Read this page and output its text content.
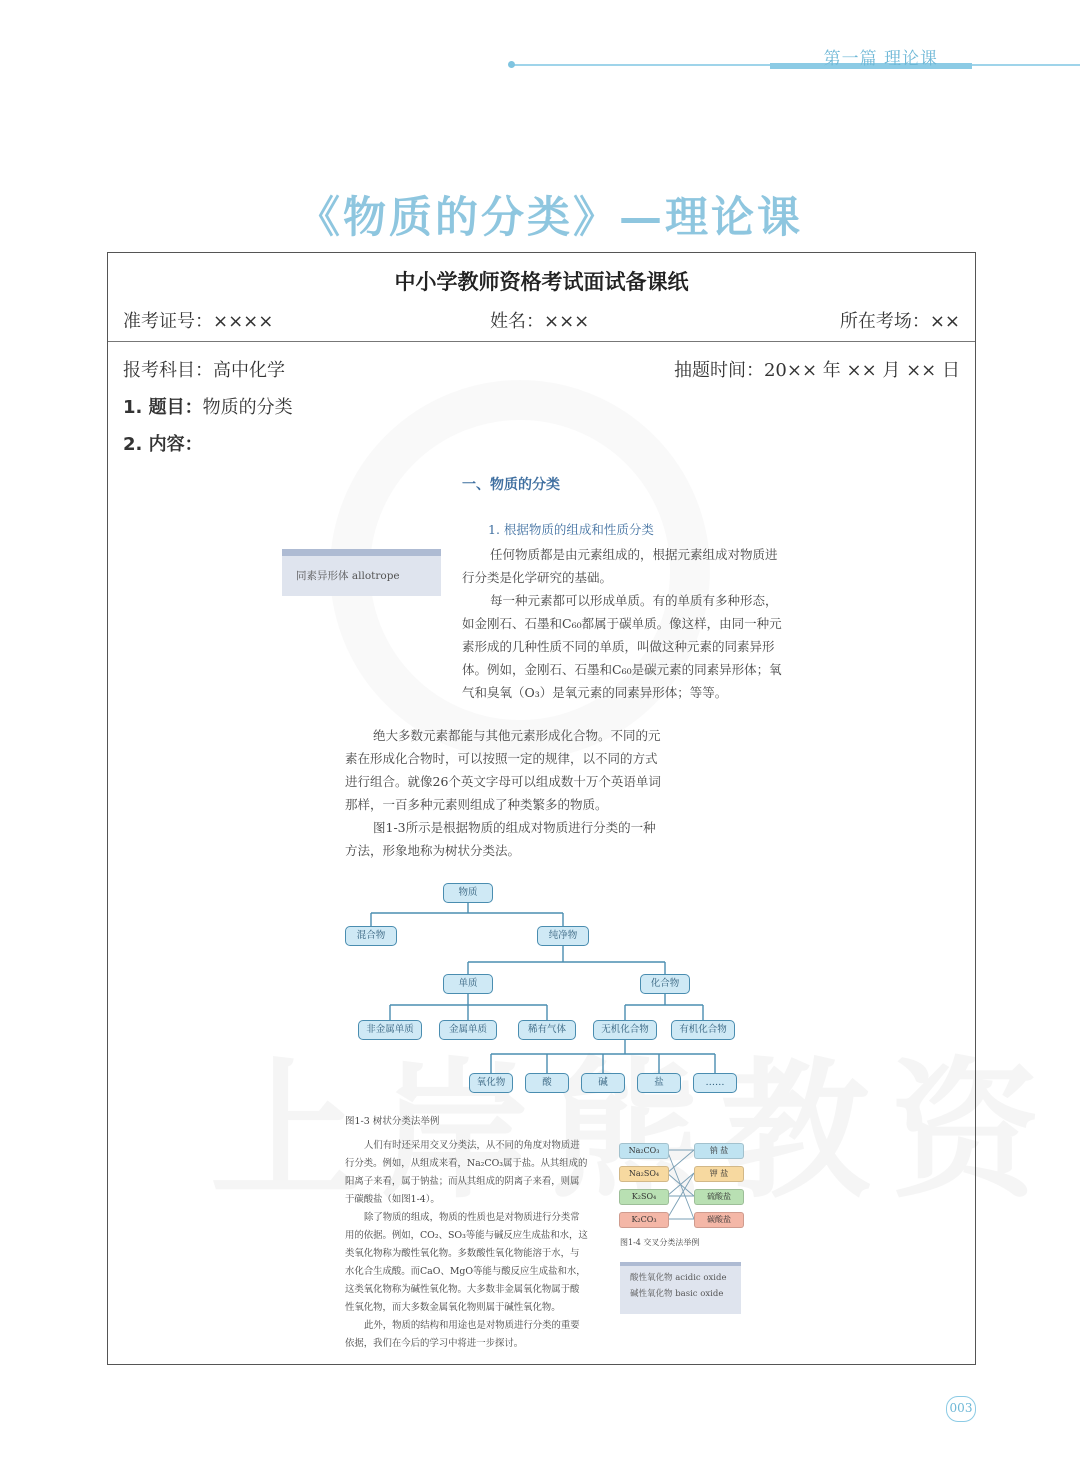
第一篇 理论课
《物质的分类》—理论课
中小学教师资格考试面试备课纸
准考证号：××××	姓名：×××	所在考场：××
报考科目：高中化学	抽题时间：20×× 年 ×× 月 ×× 日
1. 题目：物质的分类
2. 内容：
一、物质的分类
1. 根据物质的组成和性质分类
同素异形体 allotrope
任何物质都是由元素组成的，根据元素组成对物质进
行分类是化学研究的基础。
每一种元素都可以形成单质。有的单质有多种形态，
如金刚石、石墨和C₆₀都属于碳单质。像这样，由同一种元
素形成的几种性质不同的单质，叫做这种元素的同素异形
体。例如，金刚石、石墨和C₆₀是碳元素的同素异形体；氧
气和臭氧（O₃）是氧元素的同素异形体；等等。
绝大多数元素都能与其他元素形成化合物。不同的元
素在形成化合物时，可以按照一定的规律，以不同的方式
进行组合。就像26个英文字母可以组成数十万个英语单词
那样，一百多种元素则组成了种类繁多的物质。
图1-3所示是根据物质的组成对物质进行分类的一种
方法，形象地称为树状分类法。
物质
混合物	纯净物
单质	化合物
非金属单质	金属单质	稀有气体	无机化合物	有机化合物
氧化物	酸	碱	盐	……
图1-3 树状分类法举例
人们有时还采用交叉分类法，从不同的角度对物质进
行分类。例如，从组成来看，Na₂CO₃属于盐。从其组成的
阳离子来看，属于钠盐；而从其组成的阴离子来看，则属
于碳酸盐（如图1-4）。
除了物质的组成，物质的性质也是对物质进行分类常
用的依据。例如，CO₂、SO₃等能与碱反应生成盐和水，这
类氧化物称为酸性氧化物。多数酸性氧化物能溶于水，与
水化合生成酸。而CaO、MgO等能与酸反应生成盐和水，
这类氧化物称为碱性氧化物。大多数非金属氧化物属于酸
性氧化物，而大多数金属氧化物则属于碱性氧化物。
此外，物质的结构和用途也是对物质进行分类的重要
依据，我们在今后的学习中将进一步探讨。
Na₂CO₃
Na₂SO₄
K₂SO₄
K₂CO₃
钠 盐
钾 盐
硫酸盐
碳酸盐
图1-4 交叉分类法举例
酸性氧化物 acidic oxide
碱性氧化物 basic oxide
003
